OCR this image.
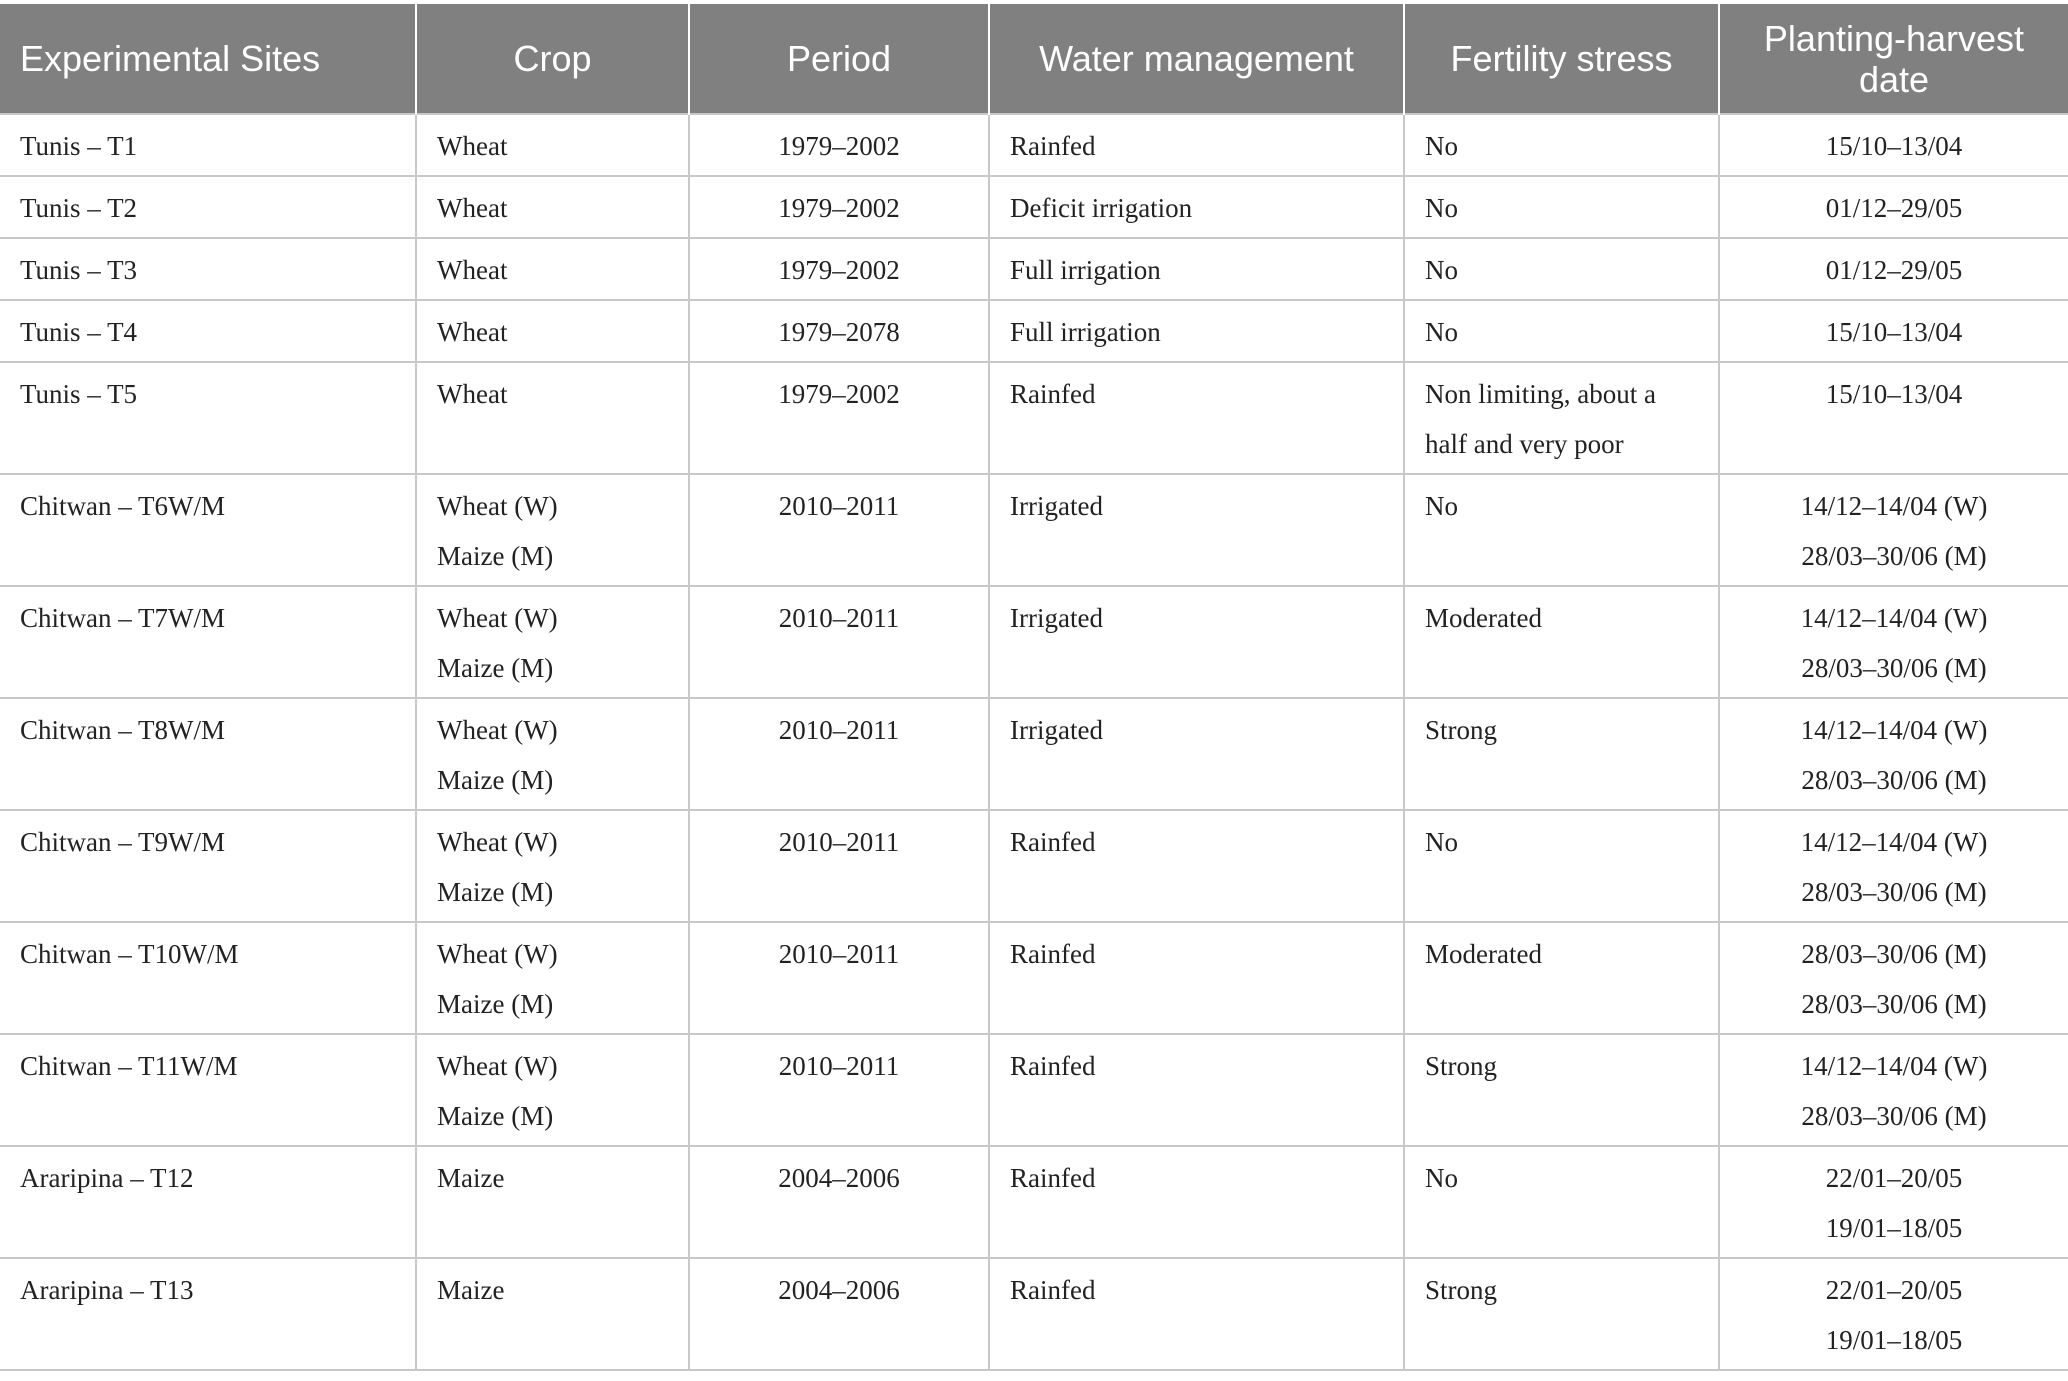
Experimental Sites	Crop	Period	Water management	Fertility stress	Planting-harvest date
Tunis – T1	Wheat	1979–2002	Rainfed	No	15/10–13/04

Tunis – T2	Wheat	1979–2002	Deficit irrigation	No	01/12–29/05

Tunis – T3	Wheat	1979–2002	Full irrigation	No	01/12–29/05

Tunis – T4	Wheat	1979–2078	Full irrigation	No	15/10–13/04

Tunis – T5	Wheat	1979–2002	Rainfed	Non limiting, about a
half and very poor	15/10–13/04

Chitwan – T6W/M	Wheat (W)
Maize (M)	2010–2011	Irrigated	No	14/12–14/04 (W)
28/03–30/06 (M)

Chitwan – T7W/M	Wheat (W)
Maize (M)	2010–2011	Irrigated	Moderated	14/12–14/04 (W)
28/03–30/06 (M)

Chitwan – T8W/M	Wheat (W)
Maize (M)	2010–2011	Irrigated	Strong	14/12–14/04 (W)
28/03–30/06 (M)

Chitwan – T9W/M	Wheat (W)
Maize (M)	2010–2011	Rainfed	No	14/12–14/04 (W)
28/03–30/06 (M)

Chitwan – T10W/M	Wheat (W)
Maize (M)	2010–2011	Rainfed	Moderated	28/03–30/06 (M)
28/03–30/06 (M)

Chitwan – T11W/M	Wheat (W)
Maize (M)	2010–2011	Rainfed	Strong	14/12–14/04 (W)
28/03–30/06 (M)

Araripina – T12	Maize	2004–2006	Rainfed	No	22/01–20/05
19/01–18/05

Araripina – T13	Maize	2004–2006	Rainfed	Strong	22/01–20/05
19/01–18/05
